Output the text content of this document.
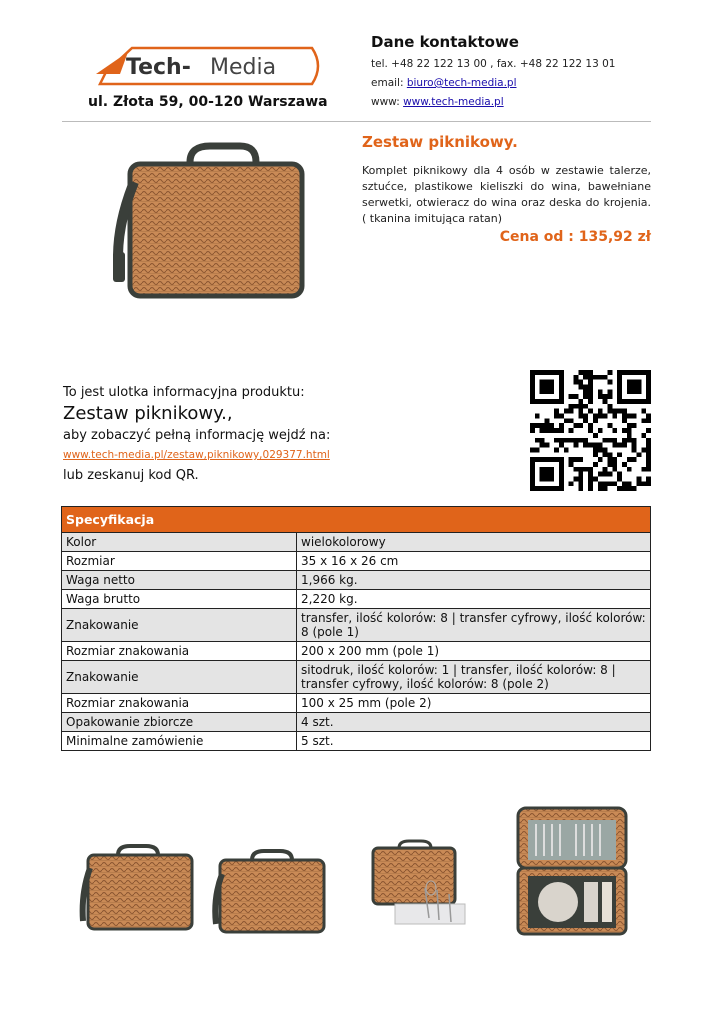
Tech- Media
ul. Złota 59, 00-120 Warszawa
Dane kontaktowe
tel. +48 22 122 13 00 , fax. +48 22 122 13 01
email: biuro@tech-media.pl
www: www.tech-media.pl
Zestaw piknikowy.
Komplet piknikowy dla 4 osób w zestawie talerze, sztućce, plastikowe kieliszki do wina, bawełniane serwetki, otwieracz do wina oraz deska do krojenia. ( tkanina imitująca ratan)
Cena od : 135,92 zł
To jest ulotka informacyjna produktu:
Zestaw piknikowy.,
aby zobaczyć pełną informację wejdź na:
www.tech-media.pl/zestaw,piknikowy,029377.html
lub zeskanuj kod QR.
Specyfikacja	
Kolor	wielokolorowy
Rozmiar	35 x 16 x 26 cm
Waga netto	1,966 kg.
Waga brutto	2,220 kg.
Znakowanie	transfer, ilość kolorów: 8 | transfer cyfrowy, ilość kolorów: 8 (pole 1)
Rozmiar znakowania	200 x 200 mm (pole 1)
Znakowanie	sitodruk, ilość kolorów: 1 | transfer, ilość kolorów: 8 | transfer cyfrowy, ilość kolorów: 8 (pole 2)
Rozmiar znakowania	100 x 25 mm (pole 2)
Opakowanie zbiorcze	4 szt.
Minimalne zamówienie	5 szt.
